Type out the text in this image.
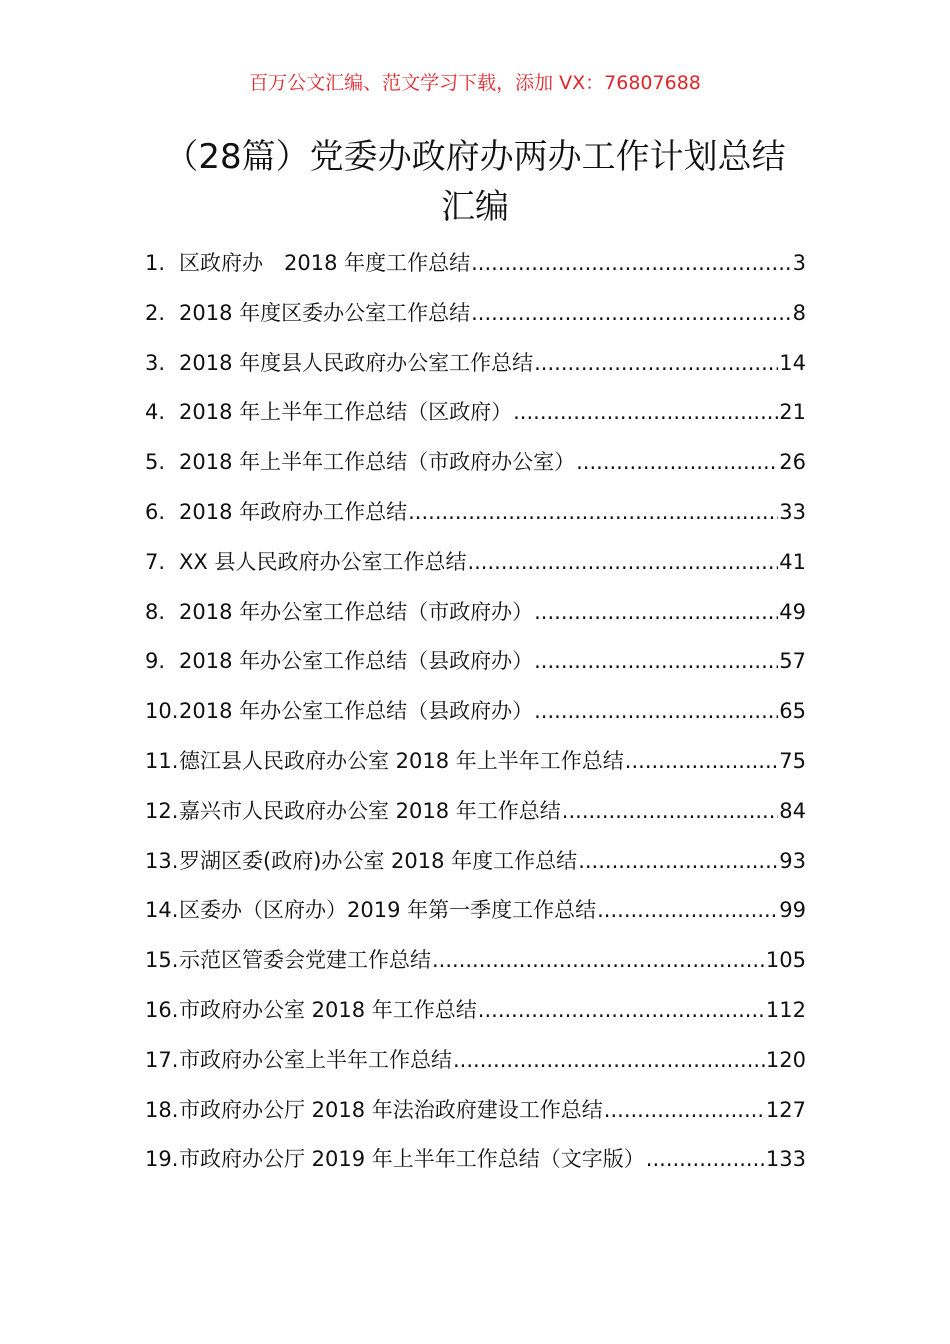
百万公文汇编、范文学习下载，添加 VX：76807688
（28篇）党委办政府办两办工作计划总结
汇编
1. 区政府办　2018 年度工作总结 .....	3
2. 2018 年度区委办公室工作总结 .....	8
3. 2018 年度县人民政府办公室工作总结 .....	14
4. 2018 年上半年工作总结（区政府） .....	21
5. 2018 年上半年工作总结（市政府办公室） .....	26
6. 2018 年政府办工作总结 .....	33
7. XX 县人民政府办公室工作总结 .....	41
8. 2018 年办公室工作总结（市政府办） .....	49
9. 2018 年办公室工作总结（县政府办） .....	57
10. 2018 年办公室工作总结（县政府办） .....	65
11. 德江县人民政府办公室 2018 年上半年工作总结 .....	75
12. 嘉兴市人民政府办公室 2018 年工作总结 .....	84
13. 罗湖区委(政府)办公室 2018 年度工作总结 .....	93
14. 区委办（区府办）2019 年第一季度工作总结 .....	99
15. 示范区管委会党建工作总结 .....	105
16. 市政府办公室 2018 年工作总结 .....	112
17. 市政府办公室上半年工作总结 .....	120
18. 市政府办公厅 2018 年法治政府建设工作总结 .....	127
19. 市政府办公厅 2019 年上半年工作总结（文字版） .....	133
